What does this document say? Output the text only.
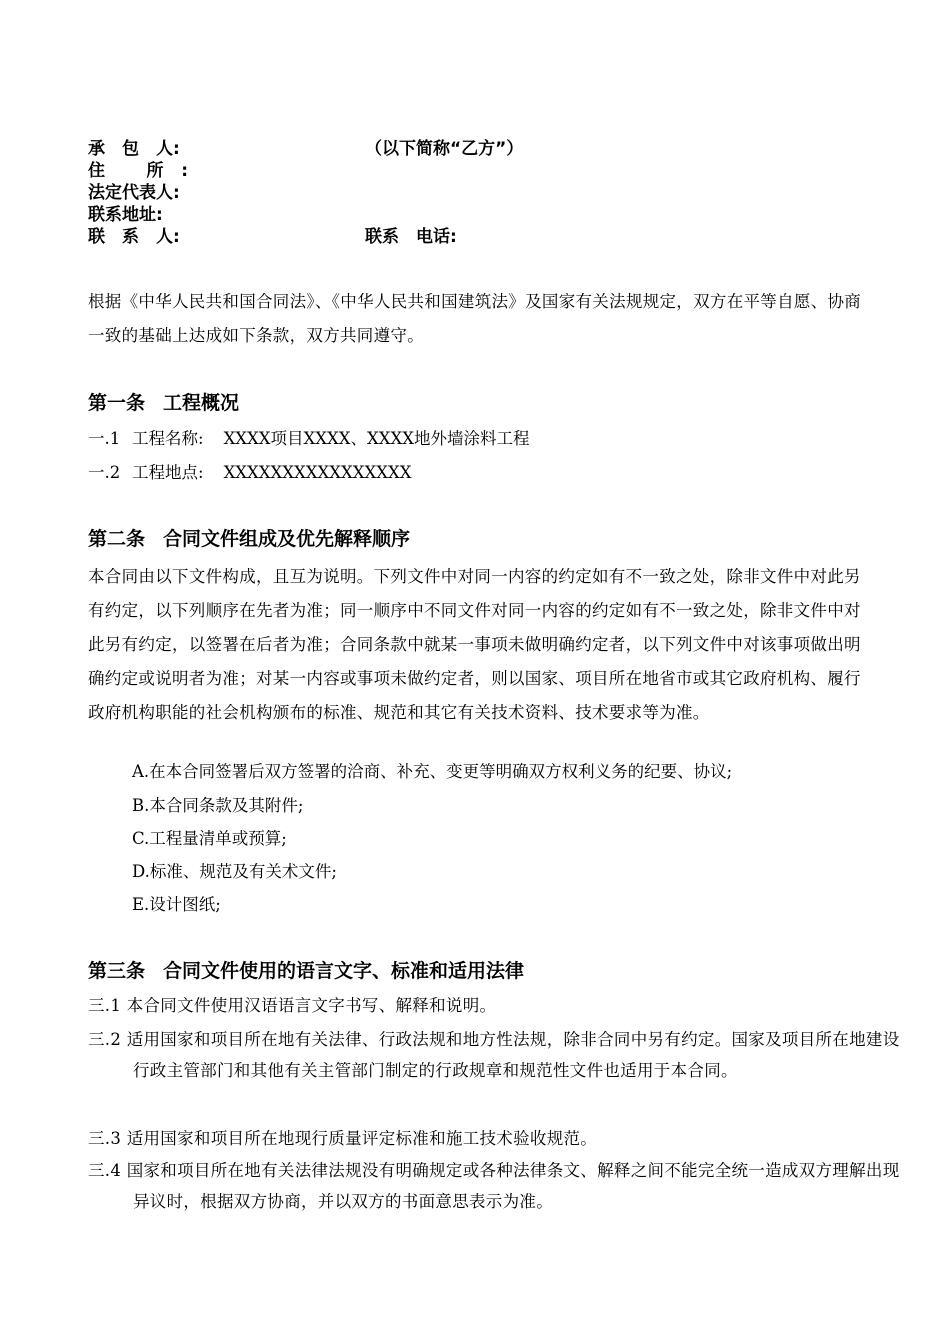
承　包　人:	（以下简称“乙方”）
住 所:
法定代表人:
联系地址:
联　系　人:	联系　电话:
根据《中华人民共和国合同法》、《中华人民共和国建筑法》及国家有关法规规定，双方在平等自愿、协商一致的基础上达成如下条款，双方共同遵守。
第一条 工程概况
一.1 工程名称: XXXX项目XXXX、XXXX地外墙涂料工程
一.2 工程地点: XXXXXXXXXXXXXXXX
第二条 合同文件组成及优先解释顺序
本合同由以下文件构成，且互为说明。下列文件中对同一内容的约定如有不一致之处，除非文件中对此另有约定，以下列顺序在先者为准；同一顺序中不同文件对同一内容的约定如有不一致之处，除非文件中对此另有约定，以签署在后者为准；合同条款中就某一事项未做明确约定者，以下列文件中对该事项做出明确约定或说明者为准；对某一内容或事项未做约定者，则以国家、项目所在地省市或其它政府机构、履行政府机构职能的社会机构颁布的标准、规范和其它有关技术资料、技术要求等为准。
A.在本合同签署后双方签署的洽商、补充、变更等明确双方权利义务的纪要、协议;
B.本合同条款及其附件;
C.工程量清单或预算;
D.标准、规范及有关术文件;
E.设计图纸;
第三条 合同文件使用的语言文字、标准和适用法律
三.1 本合同文件使用汉语语言文字书写、解释和说明。
三.2 适用国家和项目所在地有关法律、行政法规和地方性法规，除非合同中另有约定。国家及项目所在地建设行政主管部门和其他有关主管部门制定的行政规章和规范性文件也适用于本合同。
三.3 适用国家和项目所在地现行质量评定标准和施工技术验收规范。
三.4 国家和项目所在地有关法律法规没有明确规定或各种法律条文、解释之间不能完全统一造成双方理解出现异议时，根据双方协商，并以双方的书面意思表示为准。
